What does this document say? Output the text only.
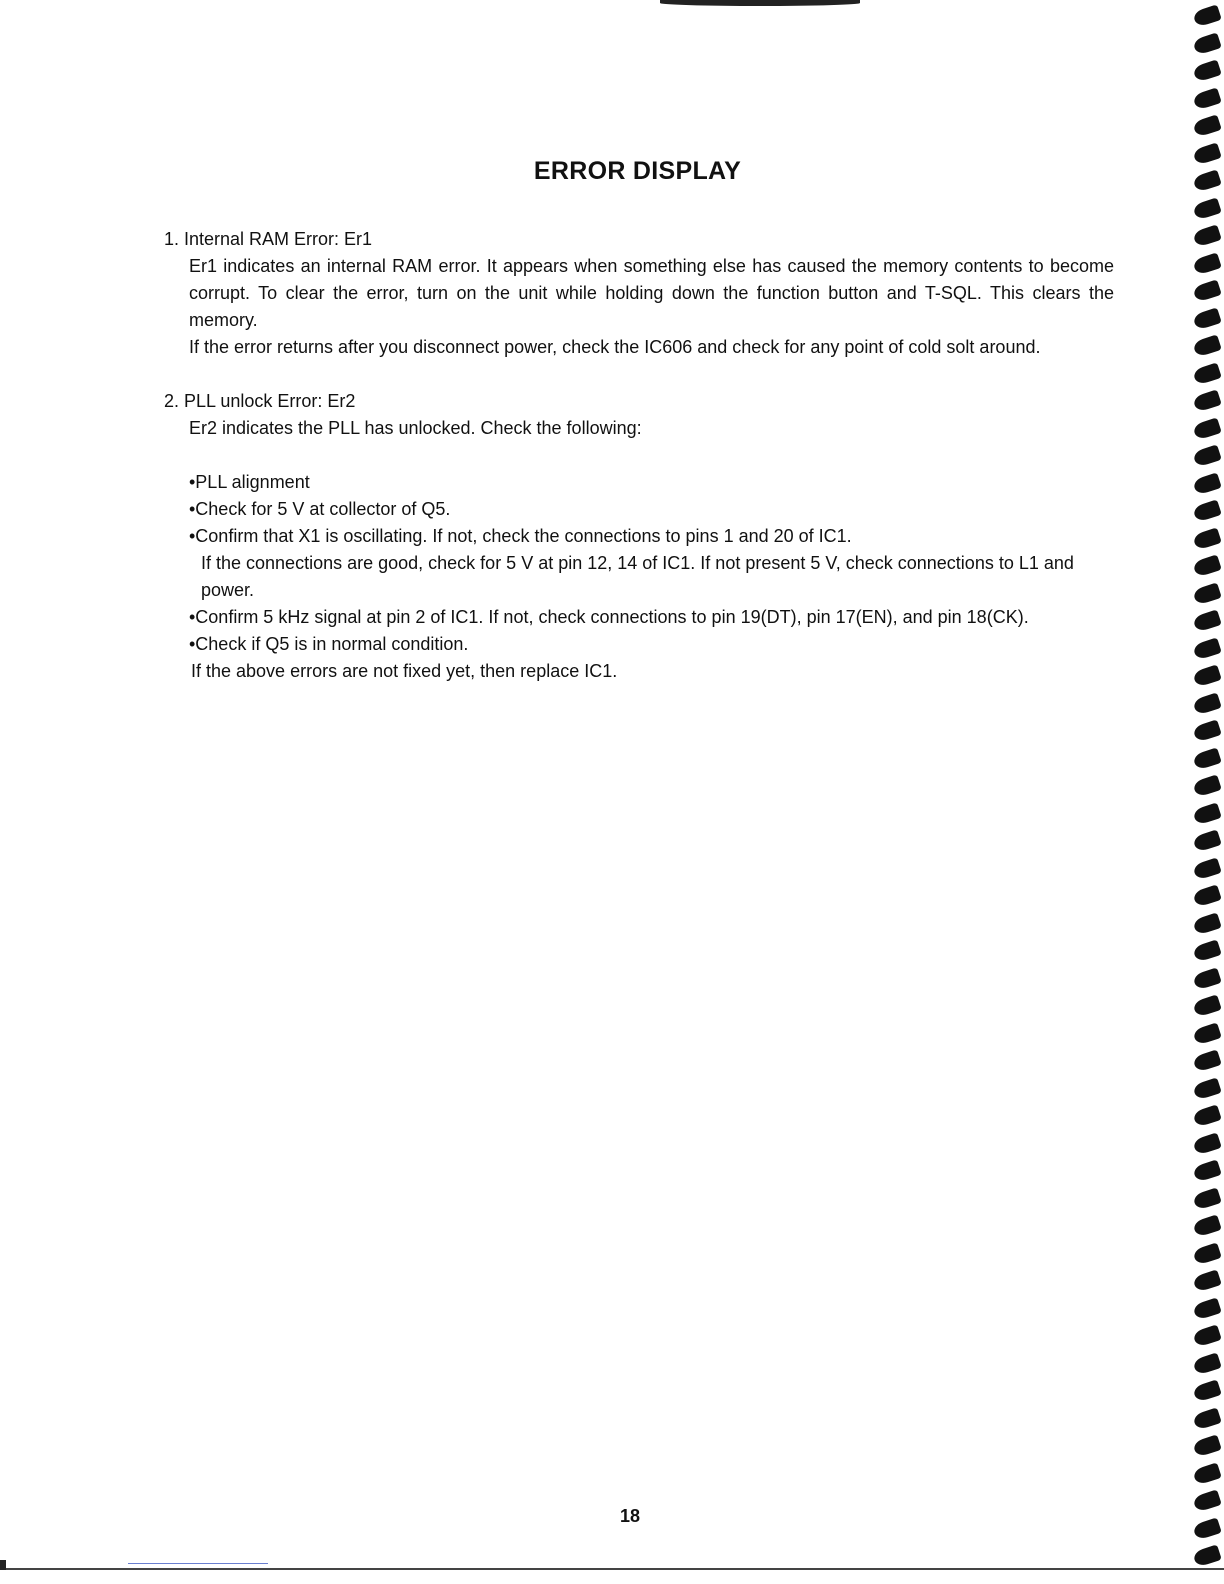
ERROR DISPLAY

1. Internal RAM Error: Er1

Er1 indicates an internal RAM error. It appears when something else has caused the memory contents to become corrupt. To clear the error, turn on the unit while holding down the function button and T-SQL. This clears the memory.

If the error returns after you disconnect power, check the IC606 and check for any point of cold solt around.

2. PLL unlock Error: Er2

Er2 indicates the PLL has unlocked. Check the following:

•PLL alignment

•Check for 5 V at collector of Q5.

•Confirm that X1 is oscillating. If not, check the connections to pins 1 and 20 of IC1.

If the connections are good, check for 5 V at pin 12, 14 of IC1. If not present 5 V, check connections to L1 and power.

•Confirm 5 kHz signal at pin 2 of IC1. If not, check connections to pin 19(DT), pin 17(EN), and pin 18(CK).

•Check if Q5 is in normal condition.

If the above errors are not fixed yet, then replace IC1.

18
